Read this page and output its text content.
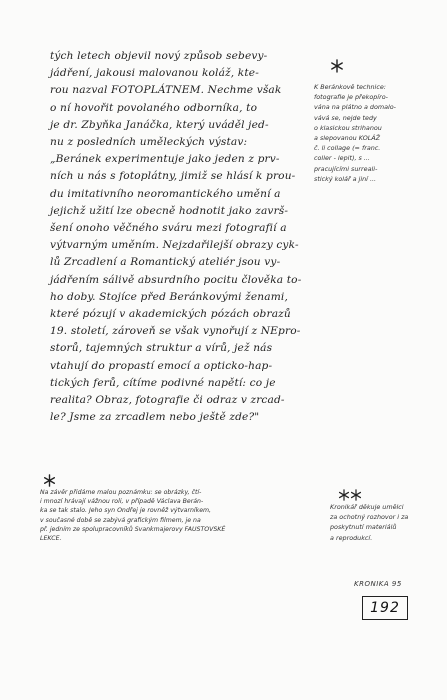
tých letech objevil nový způsob sebevy-
jádření, jakousi malovanou koláž, kte-
rou nazval FOTOPLÁTNEM. Nechme však
o ní hovořit povolaného odborníka, to
je dr. Zbyňka Janáčka, který uváděl jed-
nu z posledních uměleckých výstav:
„Beránek experimentuje jako jeden z prv-
ních u nás s fotoplátny, jimiž se hlásí k prou-
du imitativního neoromantického umění a
jejichž užití lze obecně hodnotit jako završ-
šení onoho věčného sváru mezi fotografií a
výtvarným uměním. Nejzdařilejší obrazy cyk-
lů Zrcadlení a Romantický ateliér jsou vy-
jádřením sálivě absurdního pocitu člověka to-
ho doby. Stojíce před Beránkovými ženami,
které pózují v akademických pózách obrazů
19. století, zároveň se však vynořují z NEpro-
storů, tajemných struktur a vírů, jež nás
vtahují do propastí emocí a opticko-hap-
tických ferů, cítíme podivné napětí: co je
realita? Obraz, fotografie či odraz v zrcad-
le? Jsme za zrcadlem nebo ještě zde?"
Na závěr přidáme malou poznámku: se obrázky, čtí-
i mnozí hrávají vážnou roli, v případě Václava Berán-
ka se tak stalo. Jeho syn Ondřej je rovněž výtvarníkem,
v současné době se zabývá grafickým filmem, je na
př. jedním ze spolupracovníků Svankmajerovy FAUSTOVSKÉ
LEKCE.
K Beránkově technice:
fotografie je překopíro-
vána na plátno a domalo-
vává se, nejde tedy
o klasickou strihanou
a slepovanou KOLÁŽ
č. li collage (= franc.
coller - lepit), s ...
pracujícími surreali-
stický kolář a jiní ...
Kronikář děkuje umělci
za ochotný rozhovor i za
poskytnutí materiálů
a reprodukcí.
KRONIKA 95
192
